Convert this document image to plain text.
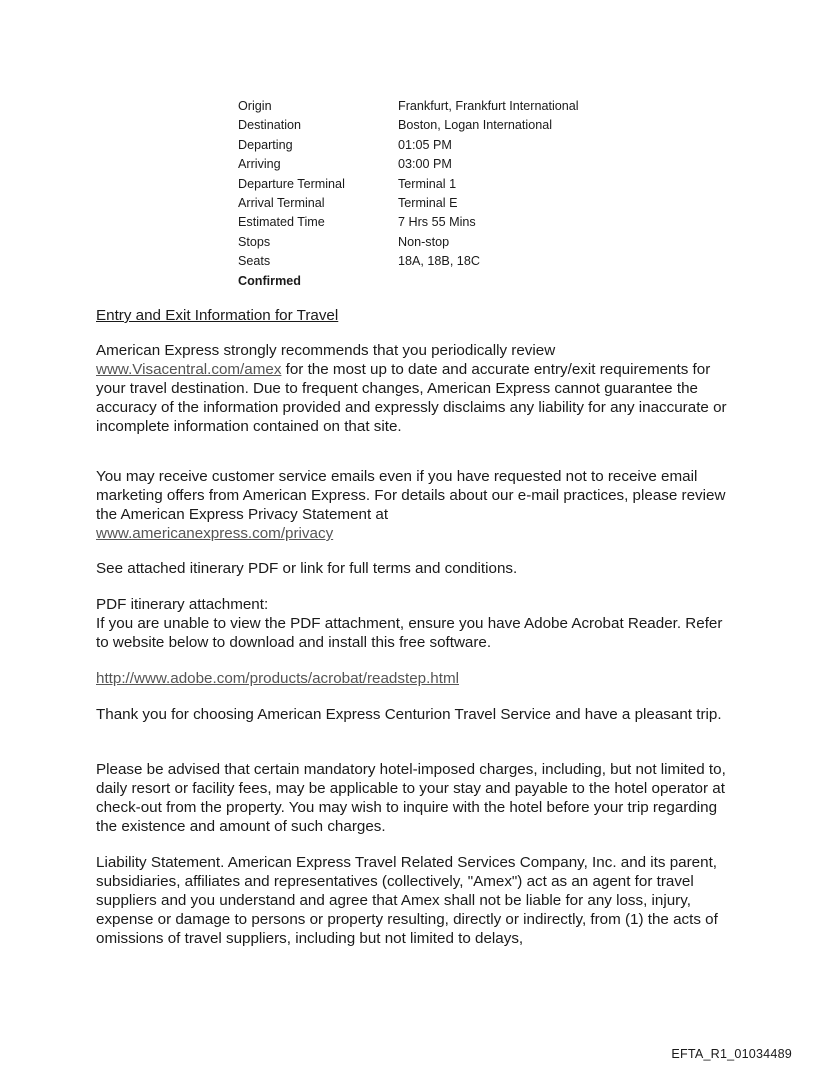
Origin	Frankfurt, Frankfurt International
Destination	Boston, Logan International
Departing	01:05 PM
Arriving	03:00 PM
Departure Terminal	Terminal 1
Arrival Terminal	Terminal E
Estimated Time	7 Hrs 55 Mins
Stops	Non-stop
Seats	18A, 18B, 18C
Confirmed	

Entry and Exit Information for Travel

American Express strongly recommends that you periodically review
www.Visacentral.com/amex for the most up to date and accurate entry/exit requirements for your travel destination. Due to frequent changes, American Express cannot guarantee the accuracy of the information provided and expressly disclaims any liability for any inaccurate or incomplete information contained on that site.

You may receive customer service emails even if you have requested not to receive email marketing offers from American Express. For details about our e-mail practices, please review the American Express Privacy Statement at
www.americanexpress.com/privacy

See attached itinerary PDF or link for full terms and conditions.

PDF itinerary attachment:
If you are unable to view the PDF attachment, ensure you have Adobe Acrobat Reader. Refer to website below to download and install this free software.

http://www.adobe.com/products/acrobat/readstep.html

Thank you for choosing American Express Centurion Travel Service and have a pleasant trip.

Please be advised that certain mandatory hotel-imposed charges, including, but not limited to, daily resort or facility fees, may be applicable to your stay and payable to the hotel operator at check-out from the property. You may wish to inquire with the hotel before your trip regarding the existence and amount of such charges.

Liability Statement. American Express Travel Related Services Company, Inc. and its parent, subsidiaries, affiliates and representatives (collectively, "Amex") act as an agent for travel suppliers and you understand and agree that Amex shall not be liable for any loss, injury, expense or damage to persons or property resulting, directly or indirectly, from (1) the acts of omissions of travel suppliers, including but not limited to delays,

EFTA_R1_01034489
